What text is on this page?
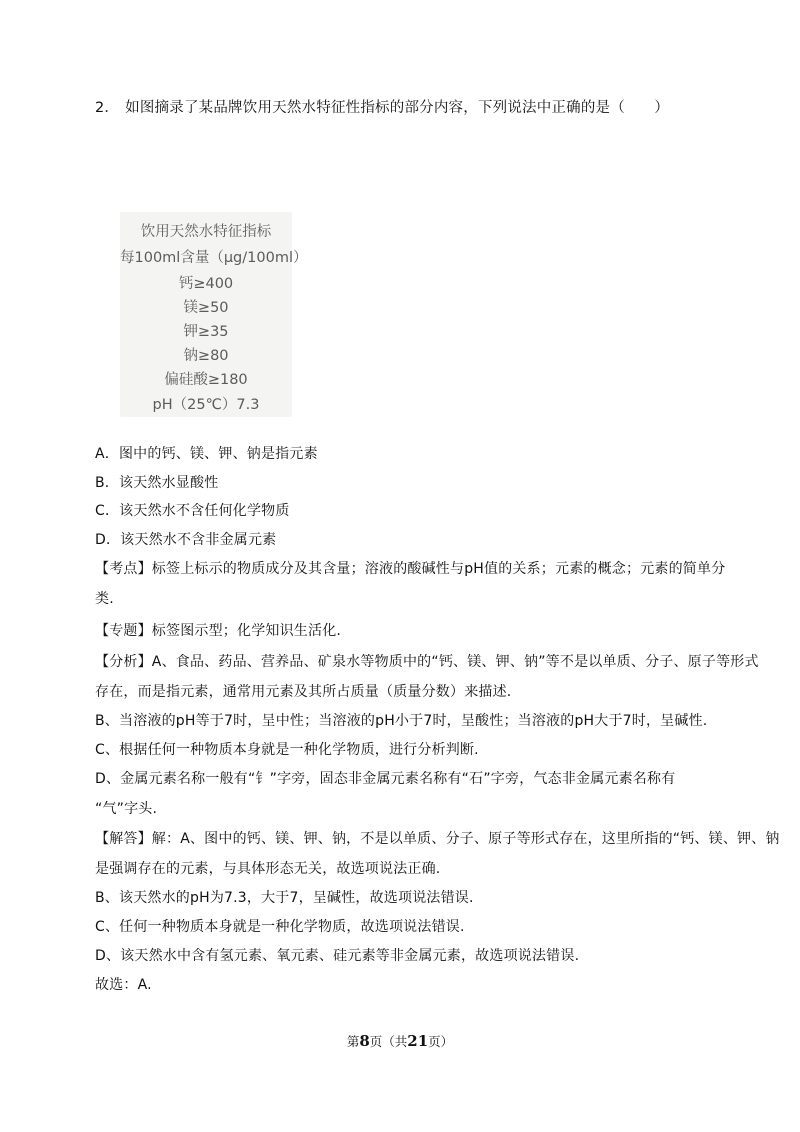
2． 如图摘录了某品牌饮用天然水特征性指标的部分内容，下列说法中正确的是（　　）
饮用天然水特征指标
每100ml含量（μg/100ml）
钙≥400
镁≥50
钾≥35
钠≥80
偏硅酸≥180
pH（25℃）7.3
A．图中的钙、镁、钾、钠是指元素
B．该天然水显酸性
C．该天然水不含任何化学物质
D．该天然水不含非金属元素
【考点】标签上标示的物质成分及其含量；溶液的酸碱性与pH值的关系；元素的概念；元素的简单分
类.
【专题】标签图示型；化学知识生活化.
【分析】A、食品、药品、营养品、矿泉水等物质中的“钙、镁、钾、钠”等不是以单质、分子、原子等形式
存在，而是指元素，通常用元素及其所占质量（质量分数）来描述.
B、当溶液的pH等于7时，呈中性；当溶液的pH小于7时，呈酸性；当溶液的pH大于7时，呈碱性.
C、根据任何一种物质本身就是一种化学物质，进行分析判断.
D、金属元素名称一般有“钅”字旁，固态非金属元素名称有“石”字旁，气态非金属元素名称有
“气”字头.
【解答】解：A、图中的钙、镁、钾、钠，不是以单质、分子、原子等形式存在，这里所指的“钙、镁、钾、钠
是强调存在的元素，与具体形态无关，故选项说法正确.
B、该天然水的pH为7.3，大于7，呈碱性，故选项说法错误.
C、任何一种物质本身就是一种化学物质，故选项说法错误.
D、该天然水中含有氢元素、氧元素、硅元素等非金属元素，故选项说法错误.
故选：A.
第8页（共21页）
